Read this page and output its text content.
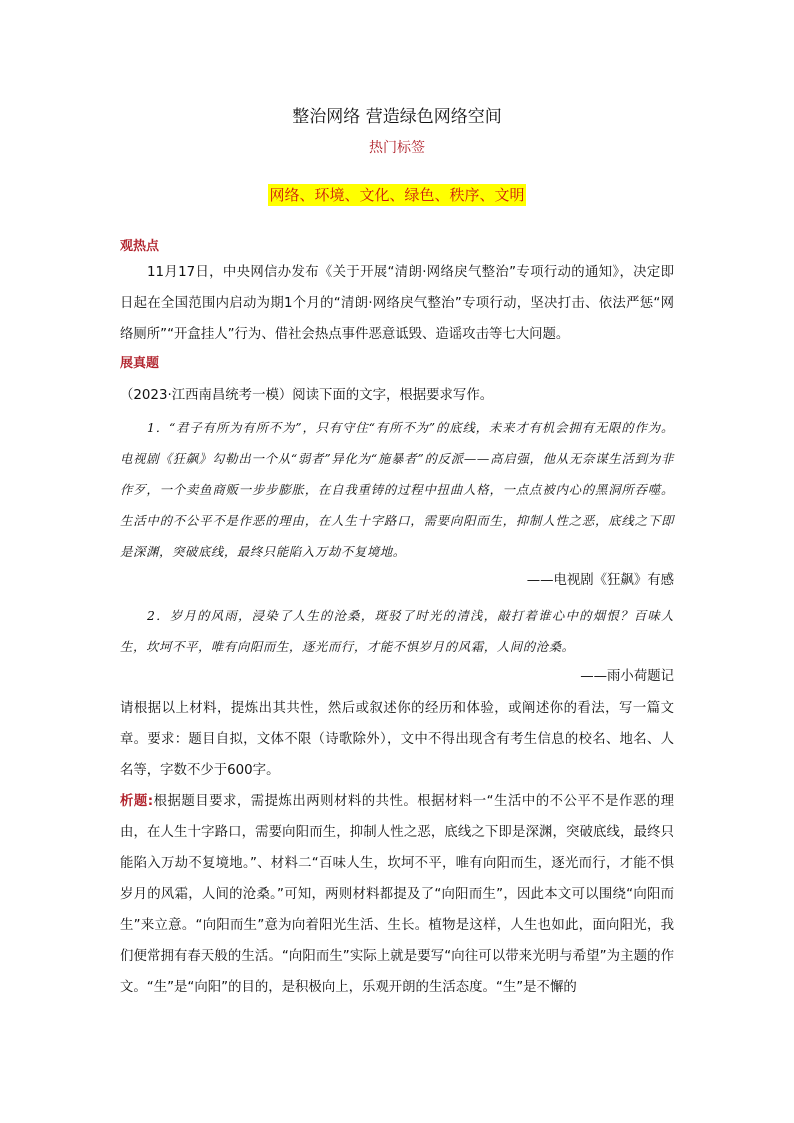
整治网络 营造绿色网络空间
热门标签
网络、环境、文化、绿色、秩序、文明
观热点
11月17日，中央网信办发布《关于开展“清朗·网络戾气整治”专项行动的通知》，决定即日起在全国范围内启动为期1个月的“清朗·网络戾气整治”专项行动，坚决打击、依法严惩“网络厕所”“开盒挂人”行为、借社会热点事件恶意诋毁、造谣攻击等七大问题。
展真题
（2023·江西南昌统考一模）阅读下面的文字，根据要求写作。
1．“君子有所为有所不为”，只有守住“有所不为”的底线，未来才有机会拥有无限的作为。电视剧《狂飙》勾勒出一个从“弱者”异化为“施暴者”的反派——高启强，他从无奈谋生活到为非作歹，一个卖鱼商贩一步步膨胀，在自我重铸的过程中扭曲人格，一点点被内心的黑洞所吞噬。生活中的不公平不是作恶的理由，在人生十字路口，需要向阳而生，抑制人性之恶，底线之下即是深渊，突破底线，最终只能陷入万劫不复境地。
——电视剧《狂飙》有感
2．岁月的风雨，浸染了人生的沧桑，斑驳了时光的清浅，敲打着谁心中的烟恨？百味人生，坎坷不平，唯有向阳而生，逐光而行，才能不惧岁月的风霜，人间的沧桑。
——雨小荷题记
请根据以上材料，提炼出其共性，然后或叙述你的经历和体验，或阐述你的看法，写一篇文章。要求：题目自拟，文体不限（诗歌除外），文中不得出现含有考生信息的校名、地名、人名等，字数不少于600字。
析题:根据题目要求，需提炼出两则材料的共性。根据材料一“生活中的不公平不是作恶的理由，在人生十字路口，需要向阳而生，抑制人性之恶，底线之下即是深渊，突破底线，最终只能陷入万劫不复境地。”、材料二“百味人生，坎坷不平，唯有向阳而生，逐光而行，才能不惧岁月的风霜，人间的沧桑。”可知，两则材料都提及了“向阳而生”，因此本文可以围绕“向阳而生”来立意。“向阳而生”意为向着阳光生活、生长。植物是这样，人生也如此，面向阳光，我们便常拥有春天般的生活。“向阳而生”实际上就是要写“向往可以带来光明与希望”为主题的作文。“生”是“向阳”的目的，是积极向上，乐观开朗的生活态度。“生”是不懈的
